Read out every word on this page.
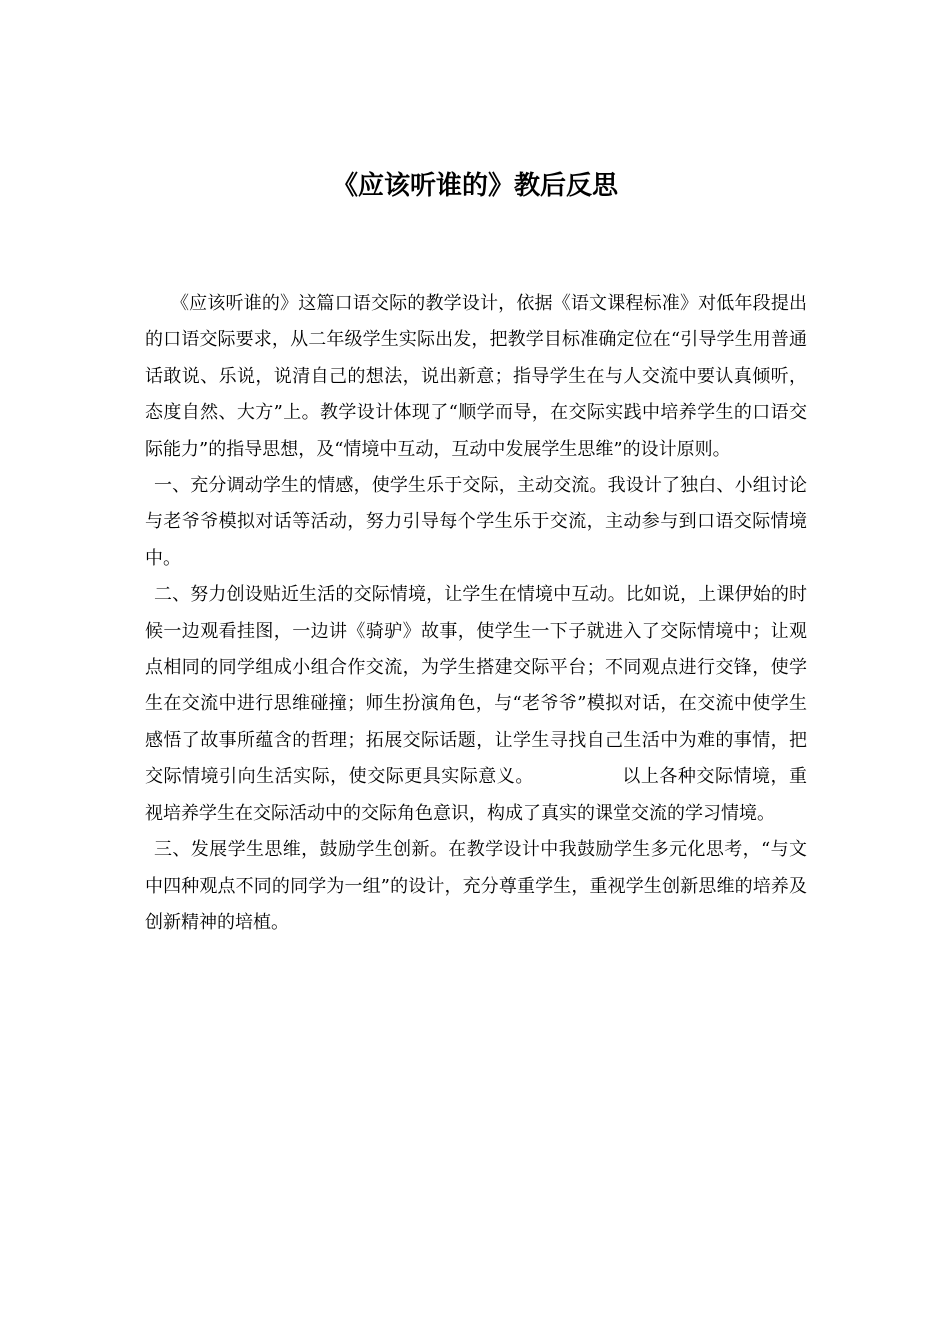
《应该听谁的》教后反思

《应该听谁的》这篇口语交际的教学设计，依据《语文课程标准》对低年段提出的口语交际要求，从二年级学生实际出发，把教学目标准确定位在“引导学生用普通话敢说、乐说，说清自己的想法，说出新意；指导学生在与人交流中要认真倾听，态度自然、大方”上。教学设计体现了“顺学而导，在交际实践中培养学生的口语交际能力”的指导思想，及“情境中互动，互动中发展学生思维”的设计原则。

一、充分调动学生的情感，使学生乐于交际，主动交流。我设计了独白、小组讨论与老爷爷模拟对话等活动，努力引导每个学生乐于交流，主动参与到口语交际情境中。

二、努力创设贴近生活的交际情境，让学生在情境中互动。比如说，上课伊始的时候一边观看挂图，一边讲《骑驴》故事，使学生一下子就进入了交际情境中；让观点相同的同学组成小组合作交流，为学生搭建交际平台；不同观点进行交锋，使学生在交流中进行思维碰撞；师生扮演角色，与“老爷爷”模拟对话，在交流中使学生感悟了故事所蕴含的哲理；拓展交际话题，让学生寻找自己生活中为难的事情，把交际情境引向生活实际，使交际更具实际意义。	以上各种交际情境，重视培养学生在交际活动中的交际角色意识，构成了真实的课堂交流的学习情境。

三、发展学生思维，鼓励学生创新。在教学设计中我鼓励学生多元化思考，“与文中四种观点不同的同学为一组”的设计，充分尊重学生，重视学生创新思维的培养及创新精神的培植。
